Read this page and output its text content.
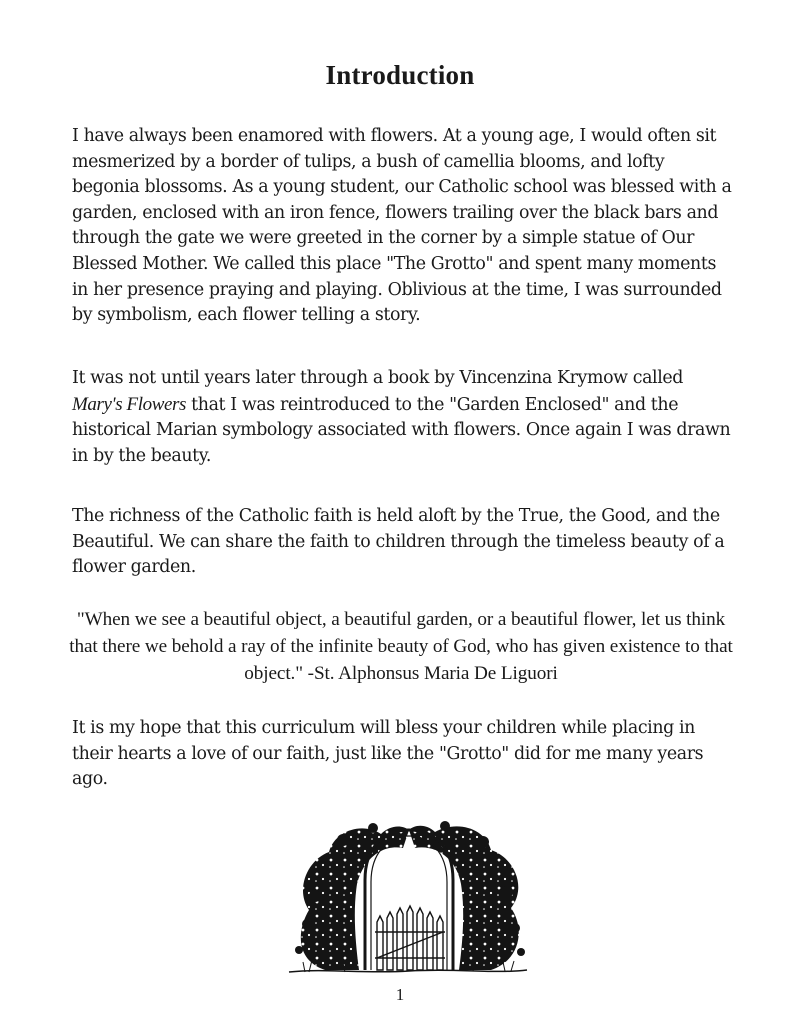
Introduction

I have always been enamored with flowers. At a young age, I would often sit mesmerized by a border of tulips, a bush of camellia blooms, and lofty begonia blossoms. As a young student, our Catholic school was blessed with a garden, enclosed with an iron fence, flowers trailing over the black bars and through the gate we were greeted in the corner by a simple statue of Our Blessed Mother. We called this place "The Grotto" and spent many moments in her presence praying and playing. Oblivious at the time, I was surrounded by symbolism, each flower telling a story.

It was not until years later through a book by Vincenzina Krymow called Mary's Flowers that I was reintroduced to the "Garden Enclosed" and the historical Marian symbology associated with flowers. Once again I was drawn in by the beauty.

The richness of the Catholic faith is held aloft by the True, the Good, and the Beautiful. We can share the faith to children through the timeless beauty of a flower garden.

"When we see a beautiful object, a beautiful garden, or a beautiful flower, let us think that there we behold a ray of the infinite beauty of God, who has given existence to that object." -St. Alphonsus Maria De Liguori

It is my hope that this curriculum will bless your children while placing in their hearts a love of our faith, just like the "Grotto" did for me many years ago.

1
